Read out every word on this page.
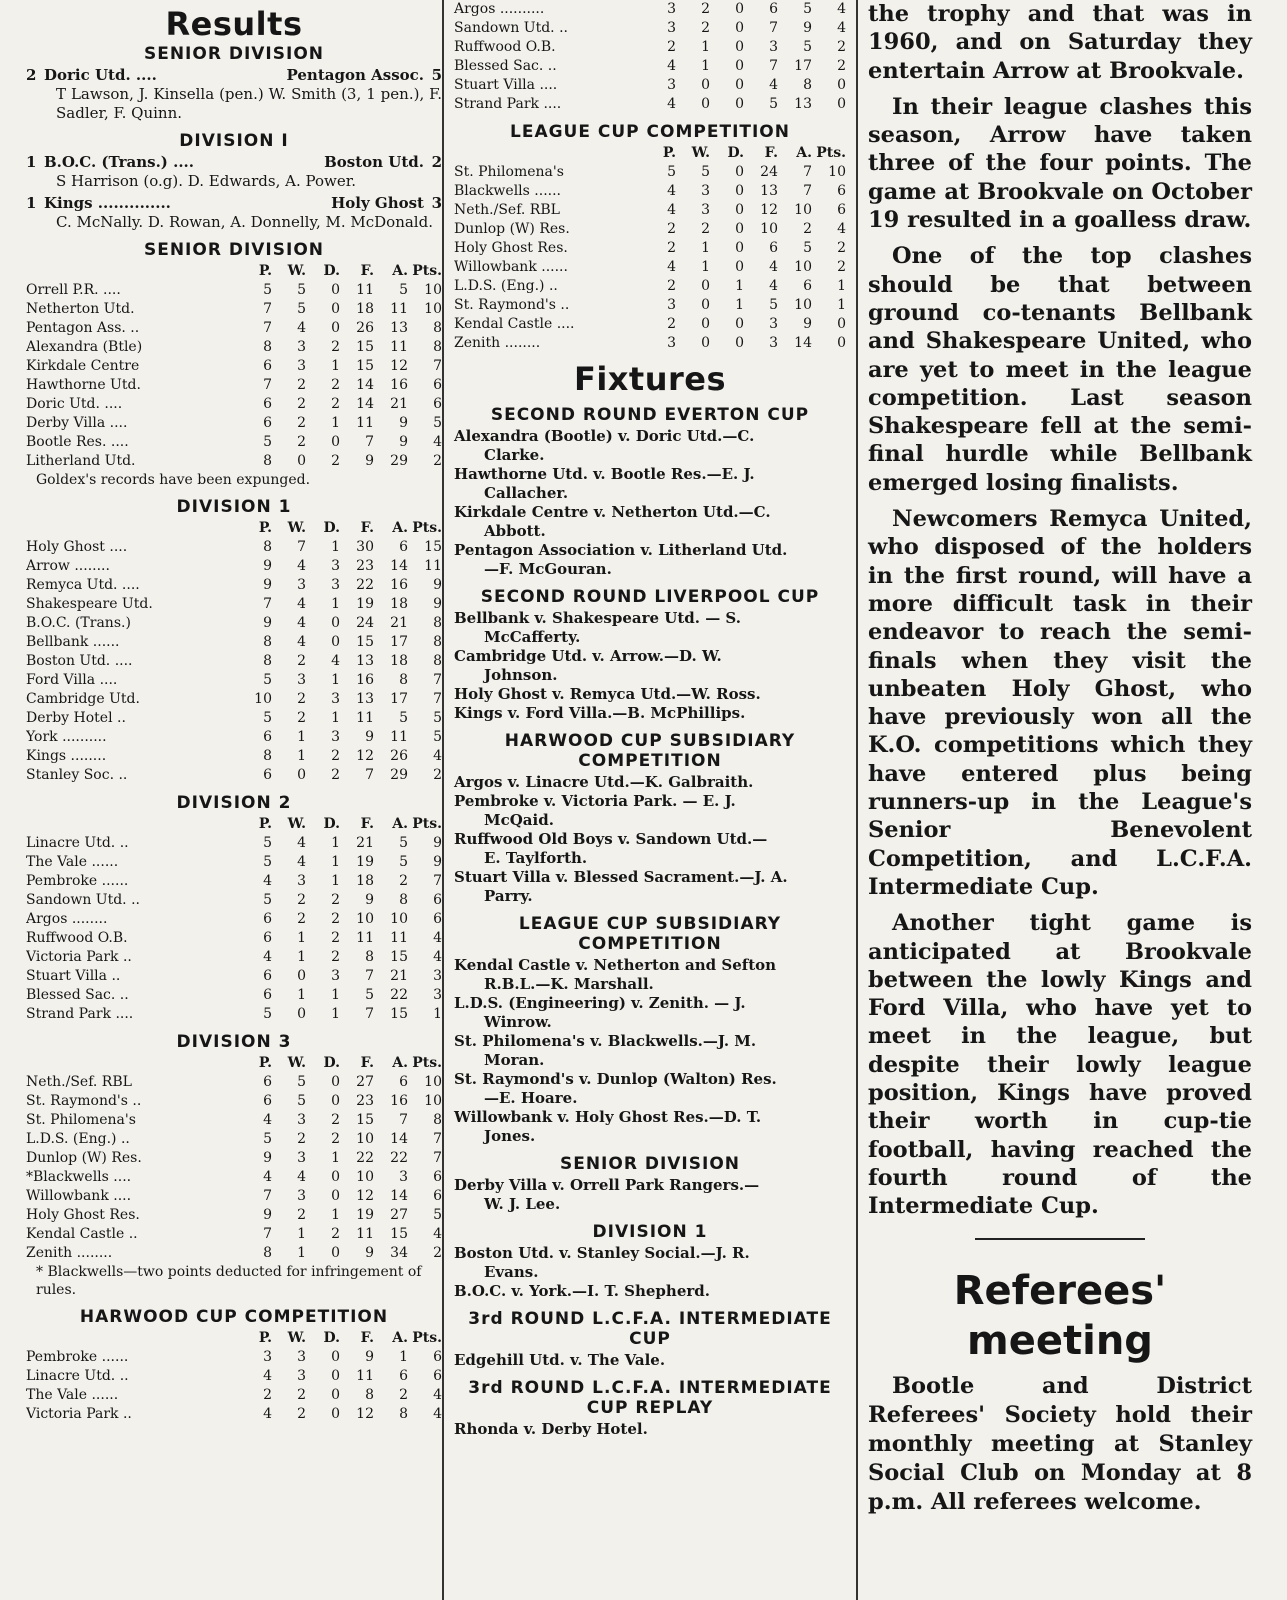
Results
SENIOR DIVISION
2 Doric Utd. ....	Pentagon Assoc. 5
T Lawson, J. Kinsella (pen.) W. Smith (3, 1 pen.), F. Sadler, F. Quinn.
DIVISION I
1 B.O.C. (Trans.) ....	Boston Utd. 2
S Harrison (o.g). D. Edwards, A. Power.
1 Kings ..............	Holy Ghost 3
C. McNally. D. Rowan, A. Donnelly, M. McDonald.
SENIOR DIVISION
	P.	W.	D.	F.	A.	Pts.
Orrell P.R. ....	5	5	0	11	5	10
Netherton Utd.	7	5	0	18	11	10
Pentagon Ass. ..	7	4	0	26	13	8
Alexandra (Btle)	8	3	2	15	11	8
Kirkdale Centre	6	3	1	15	12	7
Hawthorne Utd.	7	2	2	14	16	6
Doric Utd. ....	6	2	2	14	21	6
Derby Villa ....	6	2	1	11	9	5
Bootle Res. ....	5	2	0	7	9	4
Litherland Utd.	8	0	2	9	29	2
Goldex's records have been expunged.
DIVISION 1
	P.	W.	D.	F.	A.	Pts.
Holy Ghost ....	8	7	1	30	6	15
Arrow ........	9	4	3	23	14	11
Remyca Utd. ....	9	3	3	22	16	9
Shakespeare Utd.	7	4	1	19	18	9
B.O.C. (Trans.)	9	4	0	24	21	8
Bellbank ......	8	4	0	15	17	8
Boston Utd. ....	8	2	4	13	18	8
Ford Villa ....	5	3	1	16	8	7
Cambridge Utd.	10	2	3	13	17	7
Derby Hotel ..	5	2	1	11	5	5
York ..........	6	1	3	9	11	5
Kings ........	8	1	2	12	26	4
Stanley Soc. ..	6	0	2	7	29	2
DIVISION 2
	P.	W.	D.	F.	A.	Pts.
Linacre Utd. ..	5	4	1	21	5	9
The Vale ......	5	4	1	19	5	9
Pembroke ......	4	3	1	18	2	7
Sandown Utd. ..	5	2	2	9	8	6
Argos ........	6	2	2	10	10	6
Ruffwood O.B.	6	1	2	11	11	4
Victoria Park ..	4	1	2	8	15	4
Stuart Villa ..	6	0	3	7	21	3
Blessed Sac. ..	6	1	1	5	22	3
Strand Park ....	5	0	1	7	15	1
DIVISION 3
	P.	W.	D.	F.	A.	Pts.
Neth./Sef. RBL	6	5	0	27	6	10
St. Raymond's ..	6	5	0	23	16	10
St. Philomena's	4	3	2	15	7	8
L.D.S. (Eng.) ..	5	2	2	10	14	7
Dunlop (W) Res.	9	3	1	22	22	7
*Blackwells ....	4	4	0	10	3	6
Willowbank ....	7	3	0	12	14	6
Holy Ghost Res.	9	2	1	19	27	5
Kendal Castle ..	7	1	2	11	15	4
Zenith ........	8	1	0	9	34	2
* Blackwells—two points deducted for infringement of rules.
HARWOOD CUP COMPETITION
	P.	W.	D.	F.	A.	Pts.
Pembroke ......	3	3	0	9	1	6
Linacre Utd. ..	4	3	0	11	6	6
The Vale ......	2	2	0	8	2	4
Victoria Park ..	4	2	0	12	8	4
Argos ..........	3	2	0	6	5	4
Sandown Utd. ..	3	2	0	7	9	4
Ruffwood O.B.	2	1	0	3	5	2
Blessed Sac. ..	4	1	0	7	17	2
Stuart Villa ....	3	0	0	4	8	0
Strand Park ....	4	0	0	5	13	0
LEAGUE CUP COMPETITION
	P.	W.	D.	F.	A.	Pts.
St. Philomena's	5	5	0	24	7	10
Blackwells ......	4	3	0	13	7	6
Neth./Sef. RBL	4	3	0	12	10	6
Dunlop (W) Res.	2	2	0	10	2	4
Holy Ghost Res.	2	1	0	6	5	2
Willowbank ......	4	1	0	4	10	2
L.D.S. (Eng.) ..	2	0	1	4	6	1
St. Raymond's ..	3	0	1	5	10	1
Kendal Castle ....	2	0	0	3	9	0
Zenith ........	3	0	0	3	14	0
Fixtures
SECOND ROUND EVERTON CUP
Alexandra (Bootle) v. Doric Utd.—C.
Clarke.
Hawthorne Utd. v. Bootle Res.—E. J.
Callacher.
Kirkdale Centre v. Netherton Utd.—C.
Abbott.
Pentagon Association v. Litherland Utd.
—F. McGouran.
SECOND ROUND LIVERPOOL CUP
Bellbank v. Shakespeare Utd. — S.
McCafferty.
Cambridge Utd. v. Arrow.—D. W.
Johnson.
Holy Ghost v. Remyca Utd.—W. Ross.
Kings v. Ford Villa.—B. McPhillips.
HARWOOD CUP SUBSIDIARY COMPETITION
Argos v. Linacre Utd.—K. Galbraith.
Pembroke v. Victoria Park. — E. J.
McQaid.
Ruffwood Old Boys v. Sandown Utd.—
E. Taylforth.
Stuart Villa v. Blessed Sacrament.—J. A.
Parry.
LEAGUE CUP SUBSIDIARY COMPETITION
Kendal Castle v. Netherton and Sefton
R.B.L.—K. Marshall.
L.D.S. (Engineering) v. Zenith. — J.
Winrow.
St. Philomena's v. Blackwells.—J. M.
Moran.
St. Raymond's v. Dunlop (Walton) Res.
—E. Hoare.
Willowbank v. Holy Ghost Res.—D. T.
Jones.
SENIOR DIVISION
Derby Villa v. Orrell Park Rangers.—
W. J. Lee.
DIVISION 1
Boston Utd. v. Stanley Social.—J. R.
Evans.
B.O.C. v. York.—I. T. Shepherd.
3rd ROUND L.C.F.A. INTERMEDIATE CUP
Edgehill Utd. v. The Vale.
3rd ROUND L.C.F.A. INTERMEDIATE CUP REPLAY
Rhonda v. Derby Hotel.

the trophy and that was in 1960, and on Saturday they entertain Arrow at Brookvale.

In their league clashes this season, Arrow have taken three of the four points. The game at Brookvale on October 19 resulted in a goalless draw.

One of the top clashes should be that between ground co-tenants Bellbank and Shakespeare United, who are yet to meet in the league competition. Last season Shakespeare fell at the semi-final hurdle while Bellbank emerged losing finalists.

Newcomers Remyca United, who disposed of the holders in the first round, will have a more difficult task in their endeavor to reach the semi-finals when they visit the unbeaten Holy Ghost, who have previously won all the K.O. competitions which they have entered plus being runners-up in the League's Senior Benevolent Competition, and L.C.F.A. Intermediate Cup.

Another tight game is anticipated at Brookvale between the lowly Kings and Ford Villa, who have yet to meet in the league, but despite their lowly league position, Kings have proved their worth in cup-tie football, having reached the fourth round of the Intermediate Cup.

Referees'
meeting

Bootle and District Referees' Society hold their monthly meeting at Stanley Social Club on Monday at 8 p.m. All referees welcome.
